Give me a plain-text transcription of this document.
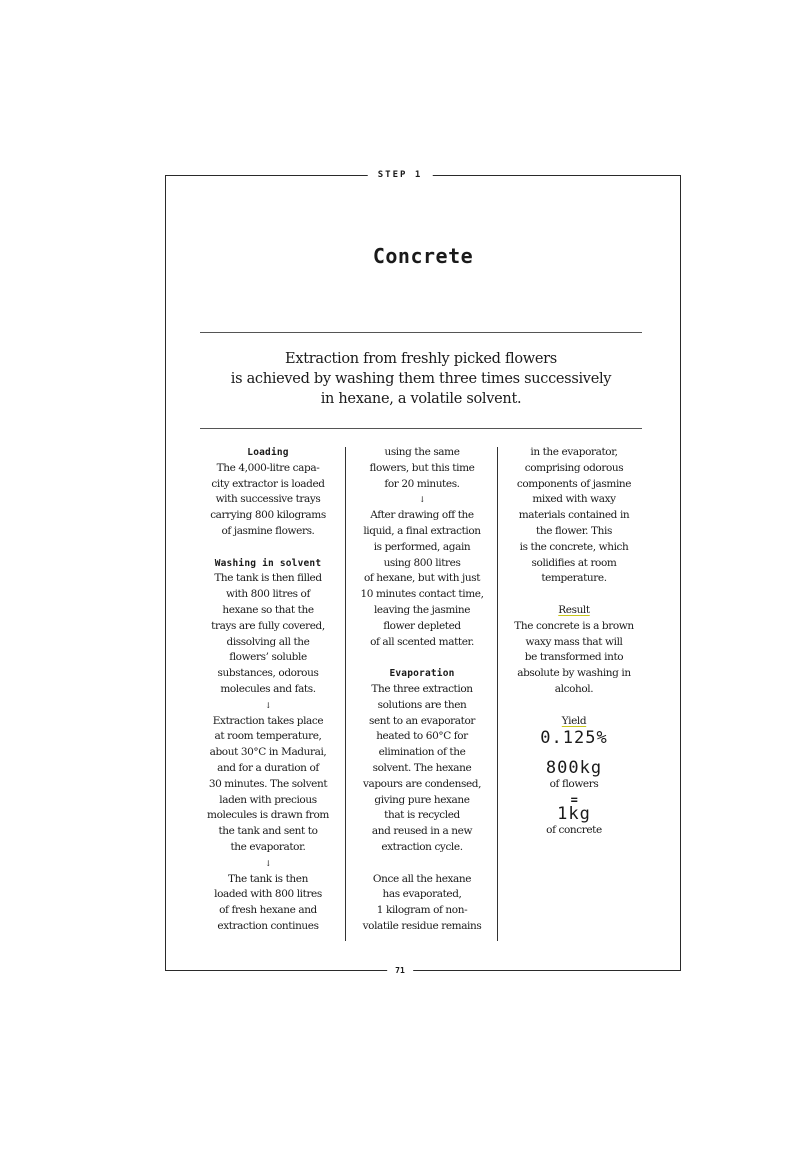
STEP 1
Concrete
Extraction from freshly picked flowers
is achieved by washing them three times successively
in hexane, a volatile solvent.
Loading
The 4,000-litre capa-
city extractor is loaded
with successive trays
carrying 800 kilograms
of jasmine flowers.
Washing in solvent
The tank is then filled
with 800 litres of
hexane so that the
trays are fully covered,
dissolving all the
flowers’ soluble
substances, odorous
molecules and fats.
↓
Extraction takes place
at room temperature,
about 30°C in Madurai,
and for a duration of
30 minutes. The solvent
laden with precious
molecules is drawn from
the tank and sent to
the evaporator.
↓
The tank is then
loaded with 800 litres
of fresh hexane and
extraction continues
using the same
flowers, but this time
for 20 minutes.
↓
After drawing off the
liquid, a final extraction
is performed, again
using 800 litres
of hexane, but with just
10 minutes contact time,
leaving the jasmine
flower depleted
of all scented matter.
Evaporation
The three extraction
solutions are then
sent to an evaporator
heated to 60°C for
elimination of the
solvent. The hexane
vapours are condensed,
giving pure hexane
that is recycled
and reused in a new
extraction cycle.
Once all the hexane
has evaporated,
1 kilogram of non-
volatile residue remains
in the evaporator,
comprising odorous
components of jasmine
mixed with waxy
materials contained in
the flower. This
is the concrete, which
solidifies at room
temperature.
Result
The concrete is a brown
waxy mass that will
be transformed into
absolute by washing in
alcohol.
Yield
0.125%
800kg
of flowers
=
1kg
of concrete
71
